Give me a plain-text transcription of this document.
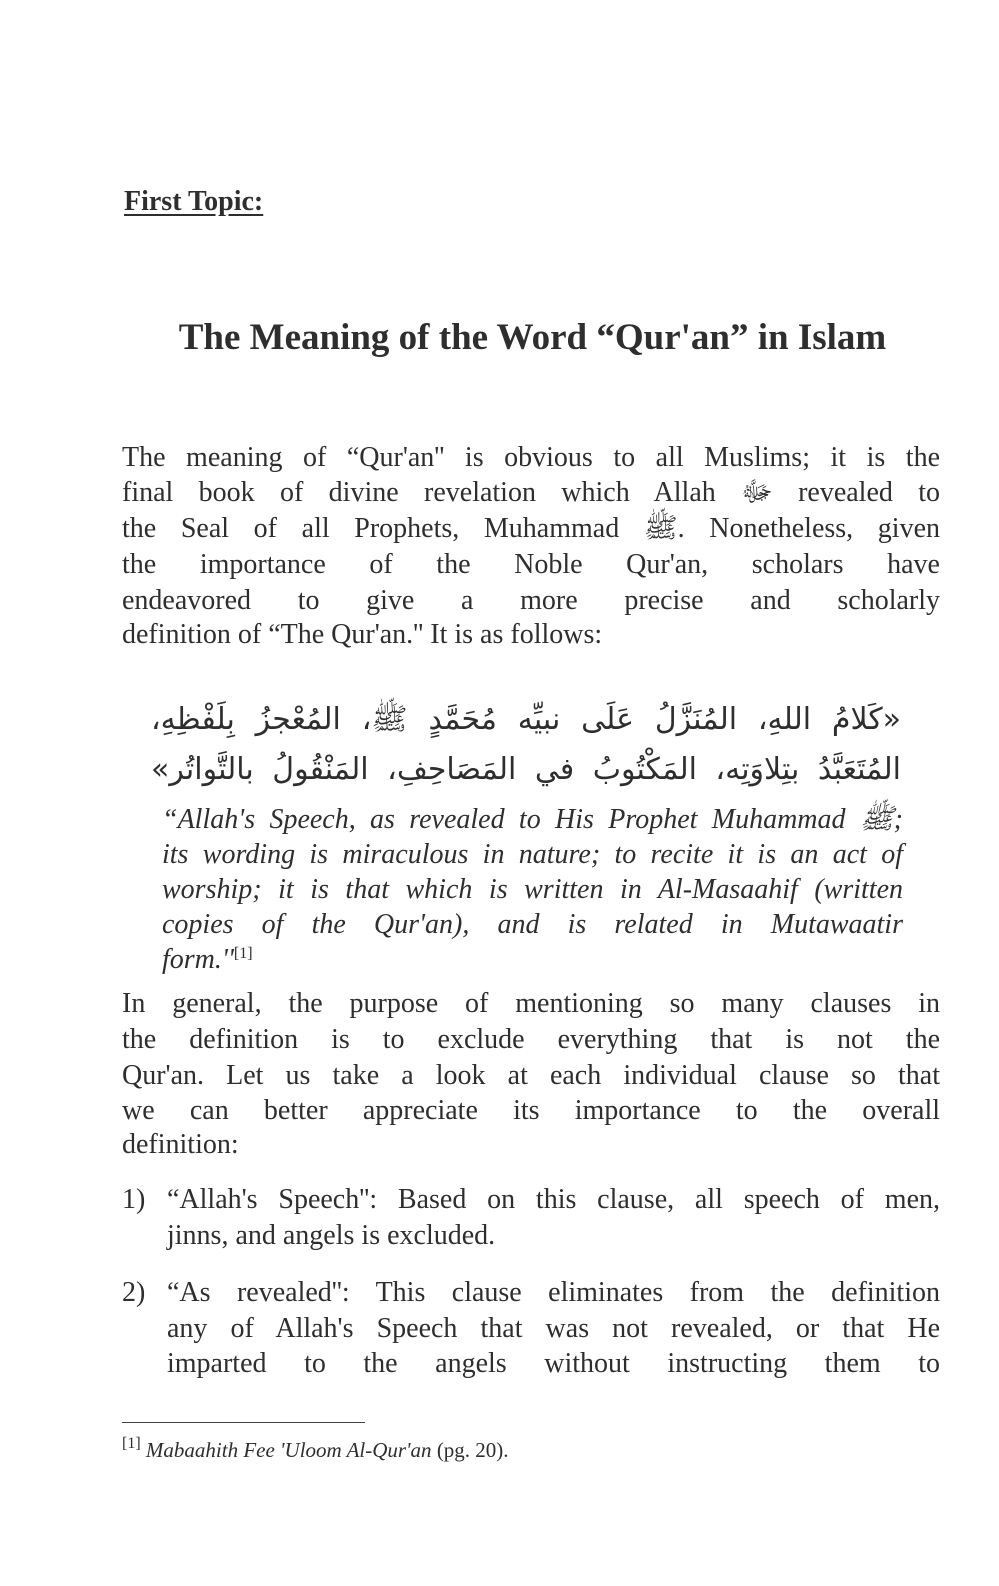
First Topic:
The Meaning of the Word “Qur'an” in Islam
The meaning of “Qur'an'' is obvious to all Muslims; it is the
final book of divine revelation which Allah ﷻ revealed to
the Seal of all Prophets, Muhammad ﷺ. Nonetheless, given
the importance of the Noble Qur'an, scholars have
endeavored to give a more precise and scholarly
definition of “The Qur'an.'' It is as follows:
«كَلامُ اللهِ، المُنَزَّلُ عَلَى نبيِّه مُحَمَّدٍ ﷺ، المُعْجزُ بِلَفْظِهِ،
المُتَعَبَّدُ بتِلاوَتِه، المَكْتُوبُ في المَصَاحِفِ، المَنْقُولُ بالتَّواتُر»
“Allah's Speech, as revealed to His Prophet Muhammad ﷺ;
its wording is miraculous in nature; to recite it is an act of
worship; it is that which is written in Al-Masaahif (written
copies of the Qur'an), and is related in Mutawaatir
form.''[1]
In general, the purpose of mentioning so many clauses in
the definition is to exclude everything that is not the
Qur'an. Let us take a look at each individual clause so that
we can better appreciate its importance to the overall
definition:
1) “Allah's Speech'': Based on this clause, all speech of men,
jinns, and angels is excluded.
2) “As revealed'': This clause eliminates from the definition
any of Allah's Speech that was not revealed, or that He
imparted to the angels without instructing them to
[1] Mabaahith Fee 'Uloom Al-Qur'an (pg. 20).
